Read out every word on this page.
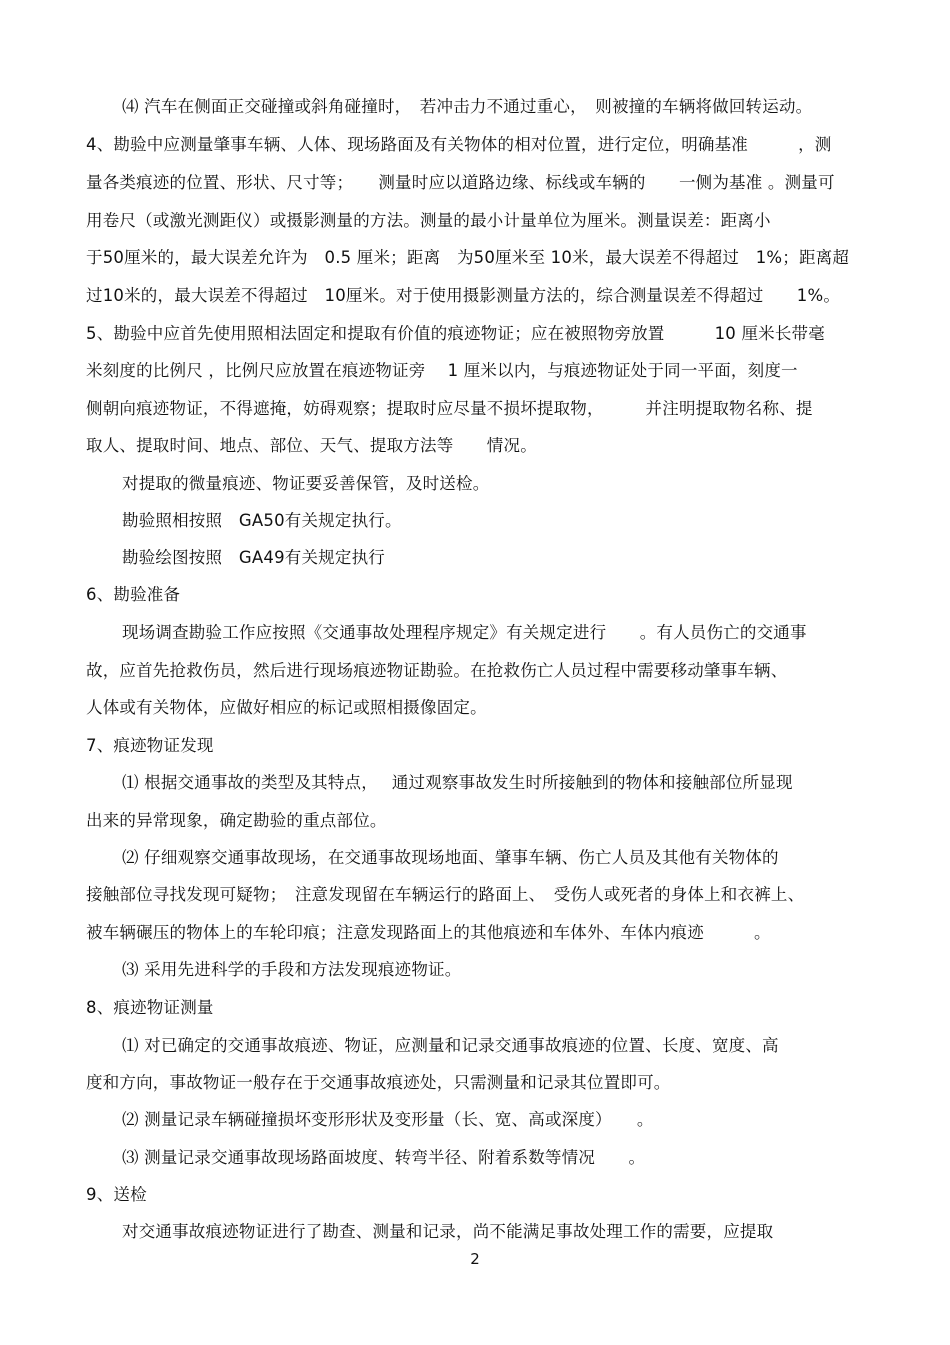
⑷ 汽车在侧面正交碰撞或斜角碰撞时，　若冲击力不通过重心，　则被撞的车辆将做回转运动。
4、勘验中应测量肇事车辆、人体、现场路面及有关物体的相对位置，进行定位，明确基准　　　，测
量各类痕迹的位置、形状、尺寸等；　　测量时应以道路边缘、标线或车辆的　　一侧为基准 。测量可
用卷尺（或激光测距仪）或摄影测量的方法。测量的最小计量单位为厘米。测量误差：距离小
于50厘米的，最大误差允许为　0.5 厘米；距离　为50厘米至 10米，最大误差不得超过　1%；距离超
过10米的，最大误差不得超过　10厘米。对于使用摄影测量方法的，综合测量误差不得超过　　1%。
5、勘验中应首先使用照相法固定和提取有价值的痕迹物证；应在被照物旁放置　　　10 厘米长带毫
米刻度的比例尺 ，比例尺应放置在痕迹物证旁　 1 厘米以内，与痕迹物证处于同一平面，刻度一
侧朝向痕迹物证，不得遮掩，妨碍观察；提取时应尽量不损坏提取物，　　　并注明提取物名称、提
取人、提取时间、地点、部位、天气、提取方法等　　情况。
对提取的微量痕迹、物证要妥善保管，及时送检。
勘验照相按照　GA50有关规定执行。
勘验绘图按照　GA49有关规定执行
6、勘验准备
现场调查勘验工作应按照《交通事故处理程序规定》有关规定进行　　。有人员伤亡的交通事
故，应首先抢救伤员，然后进行现场痕迹物证勘验。在抢救伤亡人员过程中需要移动肇事车辆、
人体或有关物体，应做好相应的标记或照相摄像固定。
7、痕迹物证发现
⑴ 根据交通事故的类型及其特点，　 通过观察事故发生时所接触到的物体和接触部位所显现
出来的异常现象，确定勘验的重点部位。
⑵ 仔细观察交通事故现场，在交通事故现场地面、肇事车辆、伤亡人员及其他有关物体的
接触部位寻找发现可疑物；　注意发现留在车辆运行的路面上、　受伤人或死者的身体上和衣裤上、
被车辆碾压的物体上的车轮印痕；注意发现路面上的其他痕迹和车体外、车体内痕迹　　　。
⑶ 采用先进科学的手段和方法发现痕迹物证。
8、痕迹物证测量
⑴ 对已确定的交通事故痕迹、物证，应测量和记录交通事故痕迹的位置、长度、宽度、高
度和方向，事故物证一般存在于交通事故痕迹处，只需测量和记录其位置即可。
⑵ 测量记录车辆碰撞损坏变形形状及变形量（长、宽、高或深度）　　。
⑶ 测量记录交通事故现场路面坡度、转弯半径、附着系数等情况　　。
9、送检
对交通事故痕迹物证进行了勘查、测量和记录，尚不能满足事故处理工作的需要，应提取
2
